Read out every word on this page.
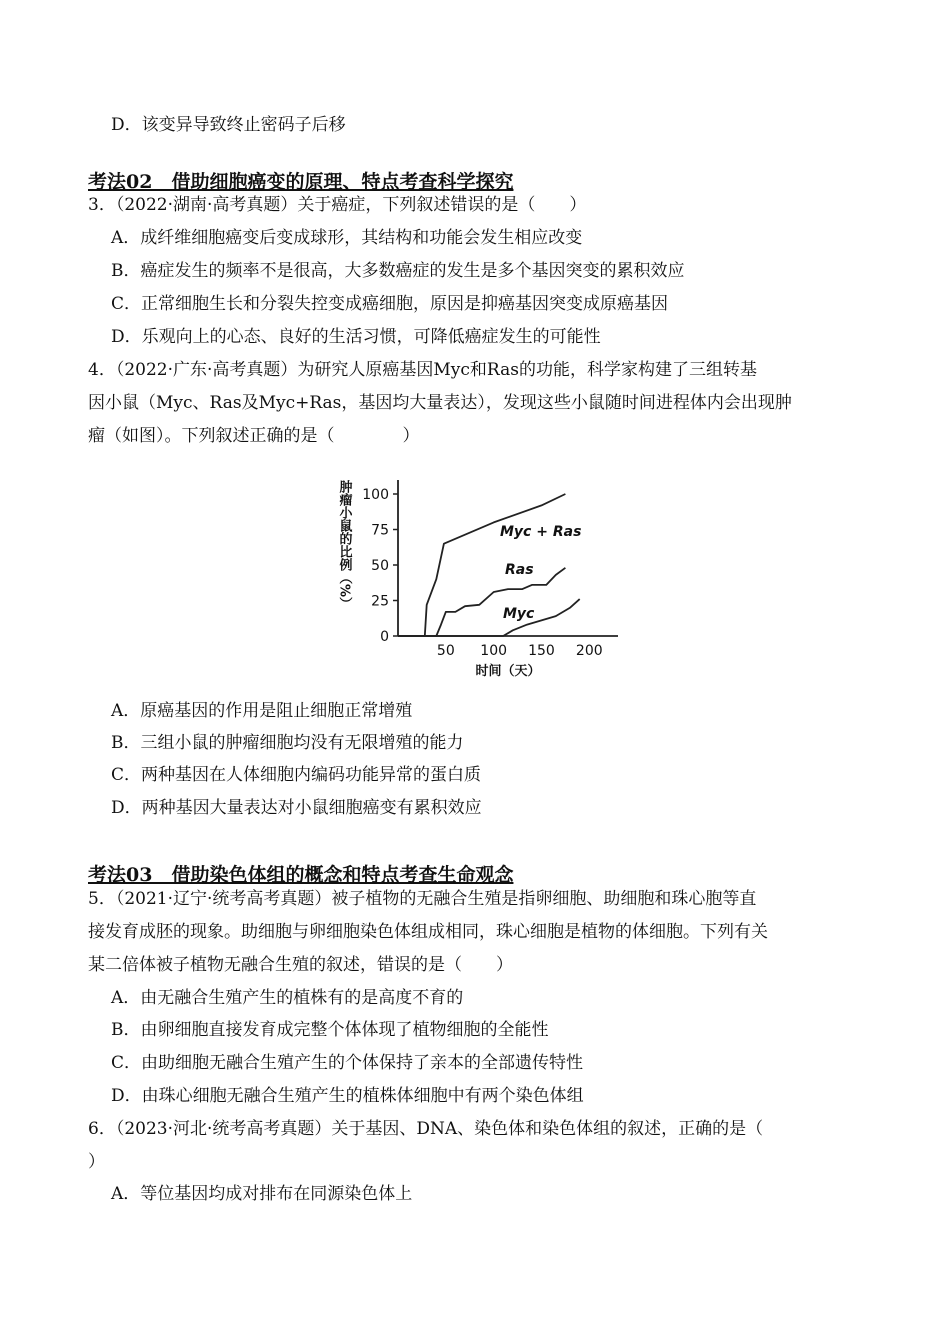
D．该变异导致终止密码子后移
考法02　借助细胞癌变的原理、特点考查科学探究
3．（2022·湖南·高考真题）关于癌症，下列叙述错误的是（　　）
A．成纤维细胞癌变后变成球形，其结构和功能会发生相应改变
B．癌症发生的频率不是很高，大多数癌症的发生是多个基因突变的累积效应
C．正常细胞生长和分裂失控变成癌细胞，原因是抑癌基因突变成原癌基因
D．乐观向上的心态、良好的生活习惯，可降低癌症发生的可能性
4．（2022·广东·高考真题）为研究人原癌基因Myc和Ras的功能，科学家构建了三组转基
因小鼠（Myc、Ras及Myc+Ras，基因均大量表达），发现这些小鼠随时间进程体内会出现肿
瘤（如图）。下列叙述正确的是（　　　　）
0
25
50
75
100
50 100 150 200
时间（天）
肿瘤小鼠的比例（%）	Myc + Ras
Ras
Myc
A．原癌基因的作用是阻止细胞正常增殖
B．三组小鼠的肿瘤细胞均没有无限增殖的能力
C．两种基因在人体细胞内编码功能异常的蛋白质
D．两种基因大量表达对小鼠细胞癌变有累积效应
考法03　借助染色体组的概念和特点考查生命观念
5．（2021·辽宁·统考高考真题）被子植物的无融合生殖是指卵细胞、助细胞和珠心胞等直
接发育成胚的现象。助细胞与卵细胞染色体组成相同，珠心细胞是植物的体细胞。下列有关
某二倍体被子植物无融合生殖的叙述，错误的是（　　）
A．由无融合生殖产生的植株有的是高度不育的
B．由卵细胞直接发育成完整个体体现了植物细胞的全能性
C．由助细胞无融合生殖产生的个体保持了亲本的全部遗传特性
D．由珠心细胞无融合生殖产生的植株体细胞中有两个染色体组
6．（2023·河北·统考高考真题）关于基因、DNA、染色体和染色体组的叙述，正确的是（
）
A．等位基因均成对排布在同源染色体上
